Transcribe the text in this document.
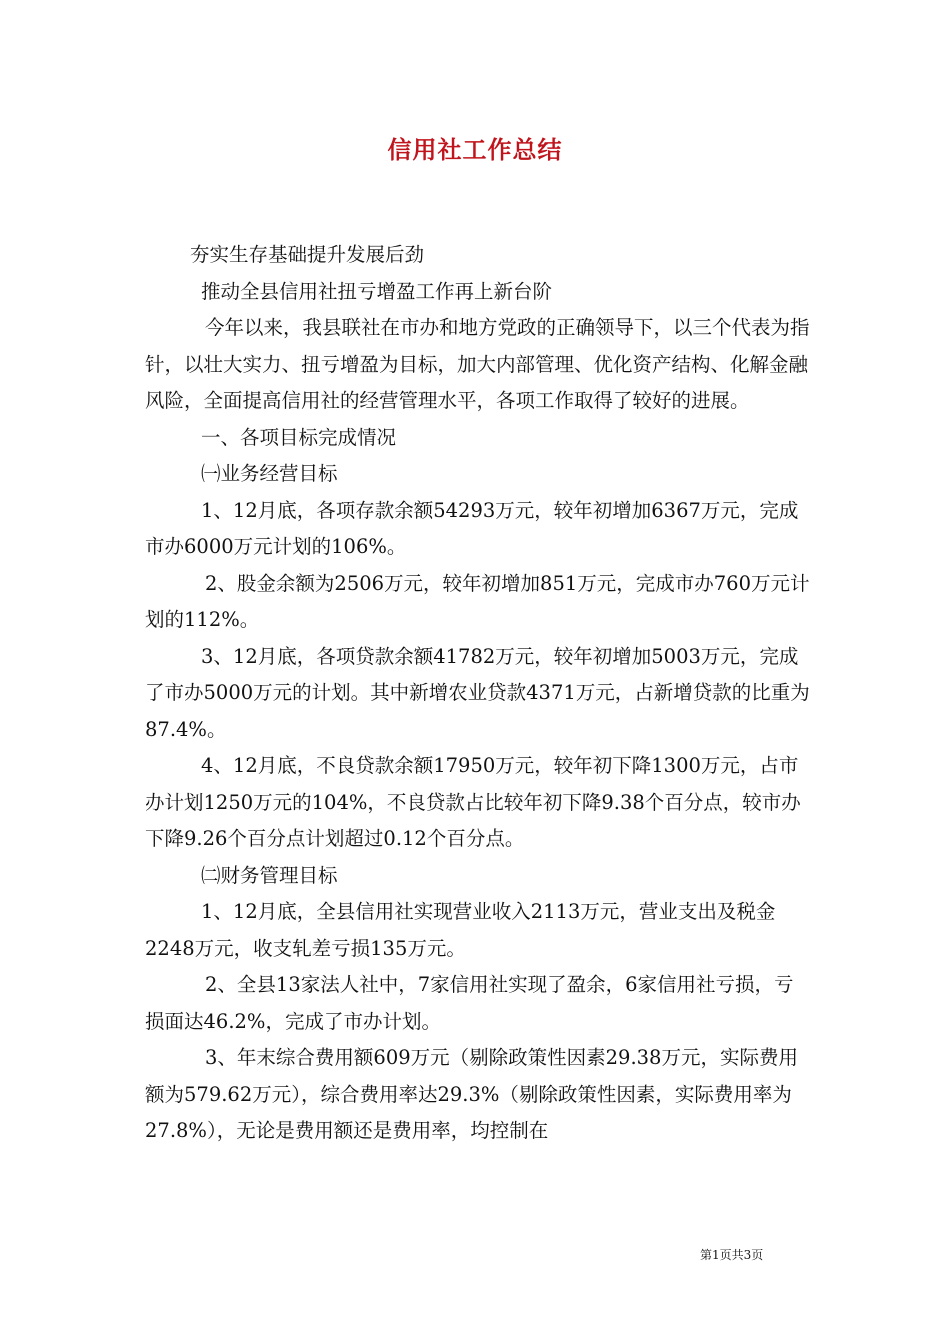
信用社工作总结

夯实生存基础提升发展后劲

推动全县信用社扭亏增盈工作再上新台阶

今年以来，我县联社在市办和地方党政的正确领导下，以三个代表为指针，以壮大实力、扭亏增盈为目标，加大内部管理、优化资产结构、化解金融风险，全面提高信用社的经营管理水平，各项工作取得了较好的进展。

一、各项目标完成情况

㈠业务经营目标

1、12月底，各项存款余额54293万元，较年初增加6367万元，完成市办6000万元计划的106%。

2、股金余额为2506万元，较年初增加851万元，完成市办760万元计划的112%。

3、12月底，各项贷款余额41782万元，较年初增加5003万元，完成了市办5000万元的计划。其中新增农业贷款4371万元，占新增贷款的比重为87.4%。

4、12月底，不良贷款余额17950万元，较年初下降1300万元，占市办计划1250万元的104%，不良贷款占比较年初下降9.38个百分点，较市办下降9.26个百分点计划超过0.12个百分点。

㈡财务管理目标

1、12月底，全县信用社实现营业收入2113万元，营业支出及税金2248万元，收支轧差亏损135万元。

2、全县13家法人社中，7家信用社实现了盈余，6家信用社亏损，亏损面达46.2%，完成了市办计划。

3、年末综合费用额609万元（剔除政策性因素29.38万元，实际费用额为579.62万元），综合费用率达29.3%（剔除政策性因素，实际费用率为27.8%），无论是费用额还是费用率，均控制在

第1页共3页
